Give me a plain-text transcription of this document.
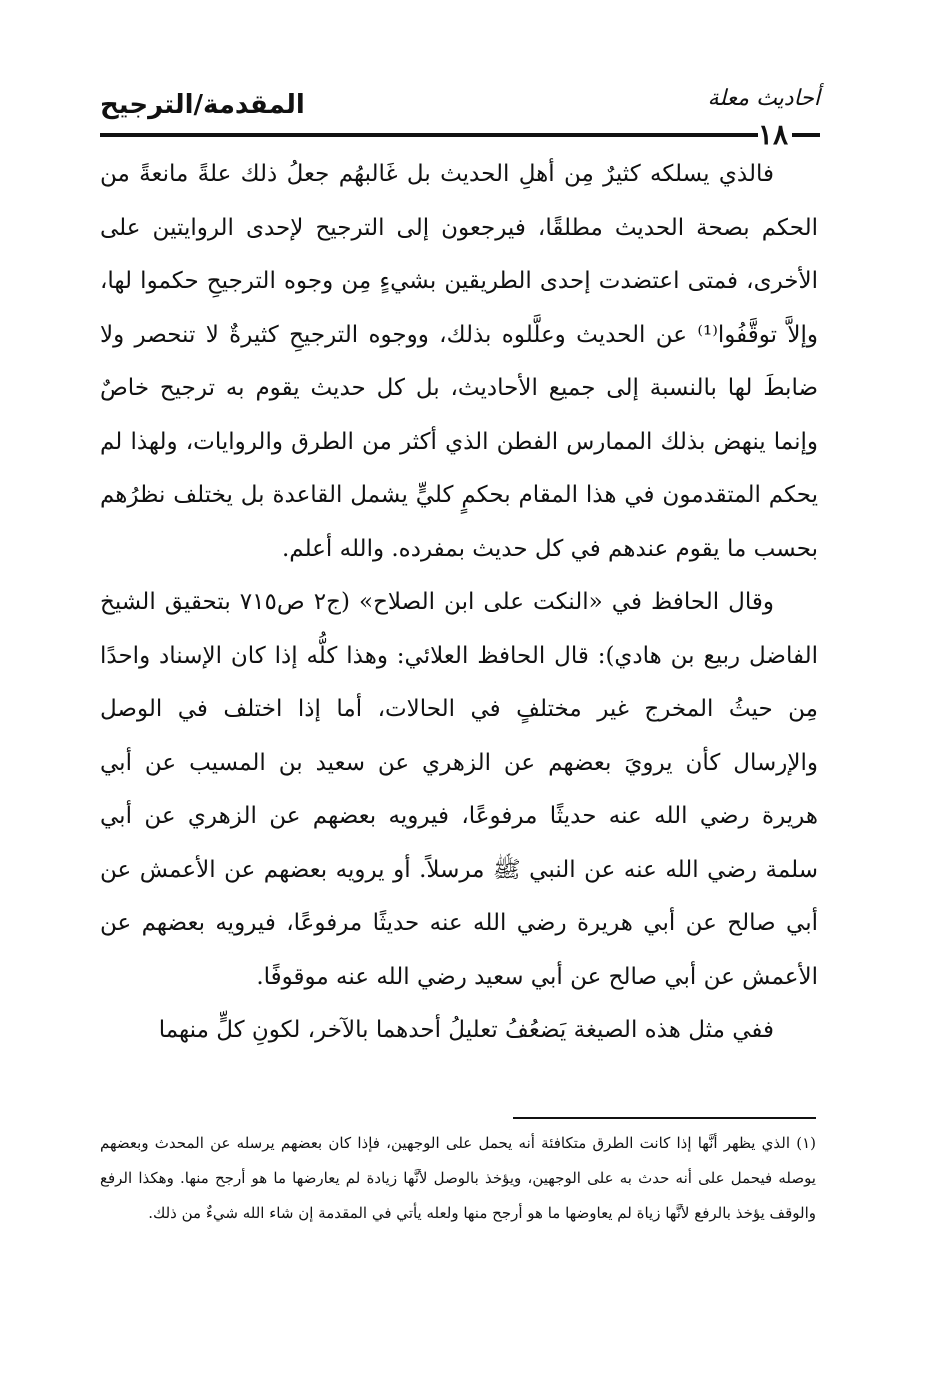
المقدمة/الترجيح	أحاديث معلة
١٨

فالذي يسلكه كثيرٌ مِن أهلِ الحديث بل غَالبهُم جعلُ ذلك علةً مانعةً من الحكم بصحة الحديث مطلقًا، فيرجعون إلى الترجيح لإحدى الروايتين على الأخرى، فمتى اعتضدت إحدى الطريقين بشيءٍ مِن وجوه الترجيحِ حكموا لها، وإلاَّ توقَّفُوا⁽¹⁾ عن الحديث وعلَّلوه بذلك، ووجوه الترجيحِ كثيرةٌ لا تنحصر ولا ضابطَ لها بالنسبة إلى جميع الأحاديث، بل كل حديث يقوم به ترجيح خاصٌ وإنما ينهض بذلك الممارس الفطن الذي أكثر من الطرق والروايات، ولهذا لم يحكم المتقدمون في هذا المقام بحكمٍ كليٍّ يشمل القاعدة بل يختلف نظرُهم بحسب ما يقوم عندهم في كل حديث بمفرده. والله أعلم.

وقال الحافظ في «النكت على ابن الصلاح» (ج٢ ص٧١٥ بتحقيق الشيخ الفاضل ربيع بن هادي): قال الحافظ العلائي: وهذا كلُّه إذا كان الإسناد واحدًا مِن حيثُ المخرج غير مختلفٍ في الحالات، أما إذا اختلف في الوصل والإرسال كأن يرويَ بعضهم عن الزهري عن سعيد بن المسيب عن أبي هريرة رضي الله عنه حديثًا مرفوعًا، فيرويه بعضهم عن الزهري عن أبي سلمة رضي الله عنه عن النبي ﷺ مرسلاً. أو يرويه بعضهم عن الأعمش عن أبي صالح عن أبي هريرة رضي الله عنه حديثًا مرفوعًا، فيرويه بعضهم عن الأعمش عن أبي صالح عن أبي سعيد رضي الله عنه موقوفًا.

ففي مثل هذه الصيغة يَضعُفُ تعليلُ أحدهما بالآخر، لكونِ كلٍّ منهما

(١) الذي يظهر أنَّها إذا كانت الطرق متكافئة أنه يحمل على الوجهين، فإذا كان بعضهم يرسله عن المحدث وبعضهم يوصله فيحمل على أنه حدث به على الوجهين، ويؤخذ بالوصل لأنَّها زيادة لم يعارضها ما هو أرجح منها. وهكذا الرفع والوقف يؤخذ بالرفع لأنَّها زياة لم يعاوضها ما هو أرجح منها ولعله يأتي في المقدمة إن شاء الله شيءٌ من ذلك.
